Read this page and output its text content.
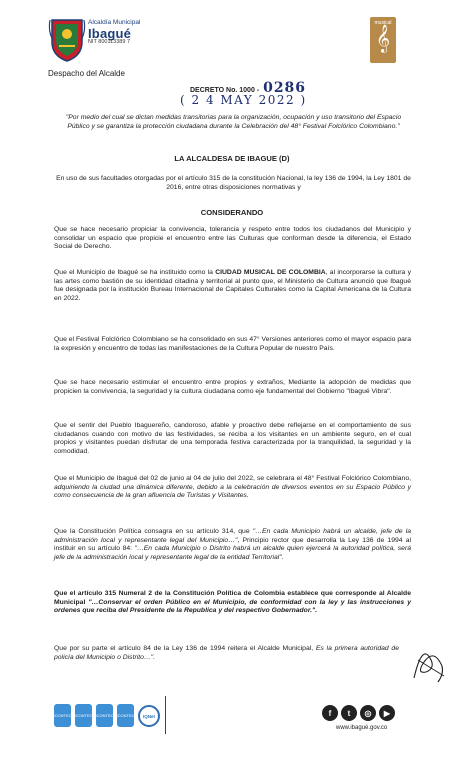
Alcaldía Municipal
Ibagué
NIT 800113389 7
Despacho del Alcalde
musical
𝄞
DECRETO No. 1000 - 0286
( 2 4 MAY 2022 )
"Por medio del cual se dictan medidas transitorias para la organización, ocupación y uso transitorio del Espacio Público y se garantiza la protección ciudadana durante la Celebración del 48° Festival Folclórico Colombiano."
LA ALCALDESA DE IBAGUE (D)
En uso de sus facultades otorgadas por el artículo 315 de la constitución Nacional, la ley 136 de 1994, la Ley 1801 de 2016, entre otras disposiciones normativas y
CONSIDERANDO
Que se hace necesario propiciar la convivencia, tolerancia y respeto entre todos los ciudadanos del Municipio y consolidar un espacio que propicie el encuentro entre las Culturas que conforman desde la diferencia, el Estado Social de Derecho.
Que el Municipio de Ibagué se ha instituido como la CIUDAD MUSICAL DE COLOMBIA, al incorporarse la cultura y las artes como bastión de su identidad citadina y territorial al punto que, el Ministerio de Cultura anunció que Ibagué fue designada por la institución Bureau Internacional de Capitales Culturales como la Capital Americana de la Cultura en 2022.
Que el Festival Folclórico Colombiano se ha consolidado en sus 47° Versiones anteriores como el mayor espacio para la expresión y encuentro de todas las manifestaciones de la Cultura Popular de nuestro País.
Que se hace necesario estimular el encuentro entre propios y extraños, Mediante la adopción de medidas que propicien la convivencia, la seguridad y la cultura ciudadana como eje fundamental del Gobierno "Ibagué Vibra".
Que el sentir del Pueblo Ibaguereño, candoroso, afable y proactivo debe reflejarse en el comportamiento de sus ciudadanos cuando con motivo de las festividades, se reciba a los visitantes en un ambiente seguro, en el cual propios y visitantes puedan disfrutar de una temporada festiva caracterizada por la tranquilidad, la seguridad y la comodidad.
Que el Municipio de Ibagué del 02 de junio al 04 de julio del 2022, se celebrara el 48° Festival Folclórico Colombiano, adquiriendo la ciudad una dinámica diferente, debido a la celebración de diversos eventos en su Espacio Público y como consecuencia de la gran afluencia de Turistas y Visitantes.
Que la Constitución Política consagra en su artículo 314, que "…En cada Municipio habrá un alcalde, jefe de la administración local y representante legal del Municipio…", Principio rector que desarrolla la Ley 136 de 1994 al instituir en su artículo 84: "…En cada Municipio o Distrito habrá un alcalde quien ejercerá la autoridad política, será jefe de la administración local y representante legal de la entidad Territorial".
Que el artículo 315 Numeral 2 de la Constitución Política de Colombia establece que corresponde al Alcalde Municipal "…Conservar el orden Público en el Municipio, de conformidad con la ley y las instrucciones y ordenes que reciba del Presidente de la Republica y del respectivo Gobernador.".
Que por su parte el artículo 84 de la Ley 136 de 1994 reitera el Alcalde Municipal, Es la primera autoridad de policía del Municipio o Distrito…".
ICONTEC ICONTEC ICONTEC ICONTEC	IQNet	f	t	◎	▶
www.ibagué.gov.co
